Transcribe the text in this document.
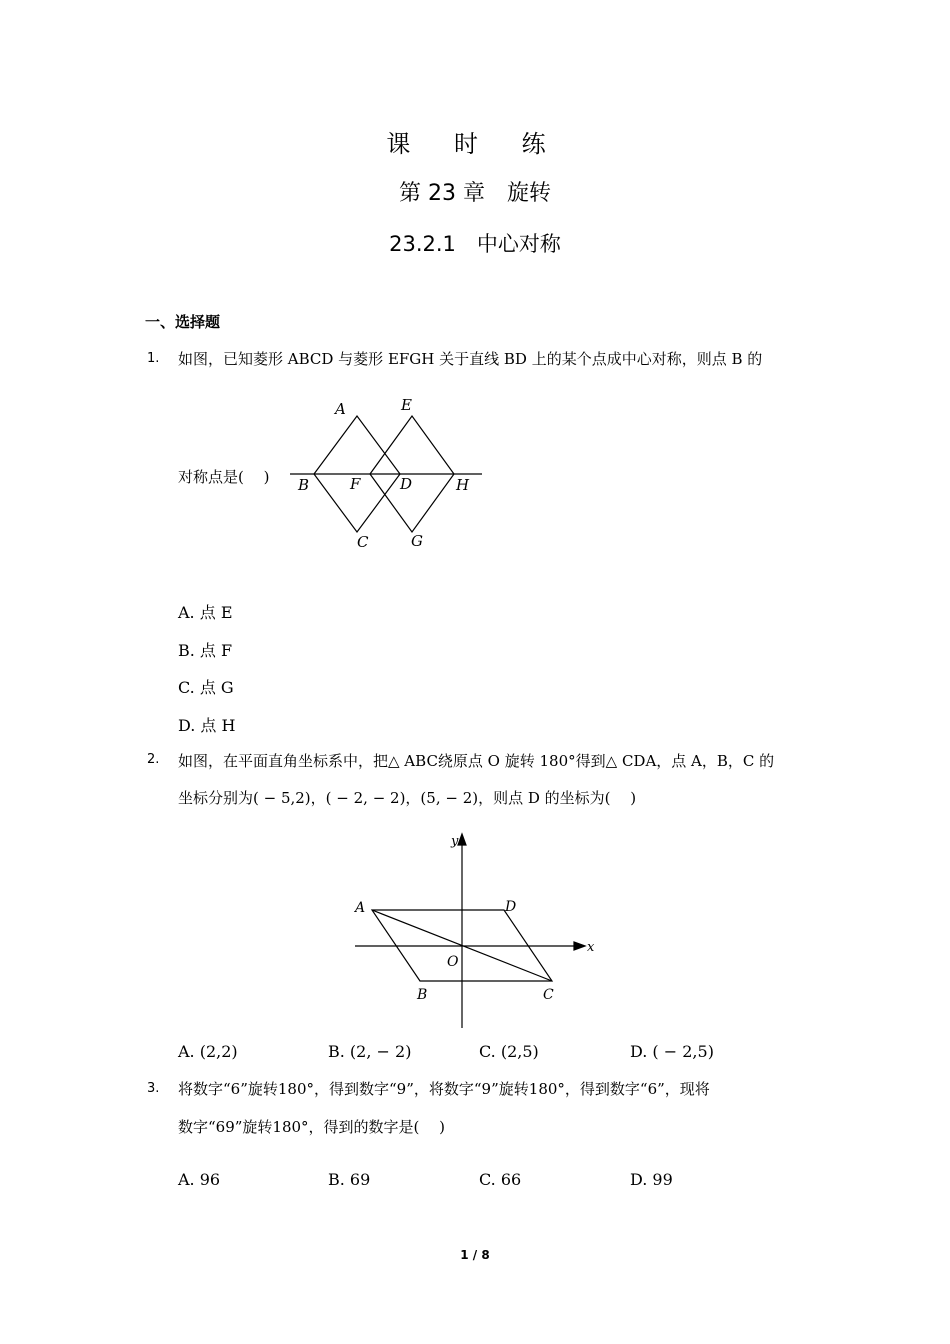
课 时 练
第 23 章　旋转
23.2.1　中心对称
一、选择题
1. 如图，已知菱形 ABCD 与菱形 EFGH 关于直线 BD 上的某个点成中心对称，则点 B 的
对称点是(　 )
A	E
B	F	D	H
C	G
A. 点 E
B. 点 F
C. 点 G
D. 点 H
2. 如图，在平面直角坐标系中，把△ ABC绕原点 O 旋转 180°得到△ CDA，点 A，B，C 的
坐标分别为( − 5,2)，( − 2, − 2)，(5, − 2)，则点 D 的坐标为(　 )
y
x
A	D
O
B	C
A. (2,2)	B. (2, − 2)	C. (2,5)	D. ( − 2,5)
3. 将数字“6”旋转180°，得到数字“9”，将数字“9”旋转180°，得到数字“6”，现将
数字“69”旋转180°，得到的数字是(　 )
A. 96	B. 69	C. 66	D. 99
1 / 8
